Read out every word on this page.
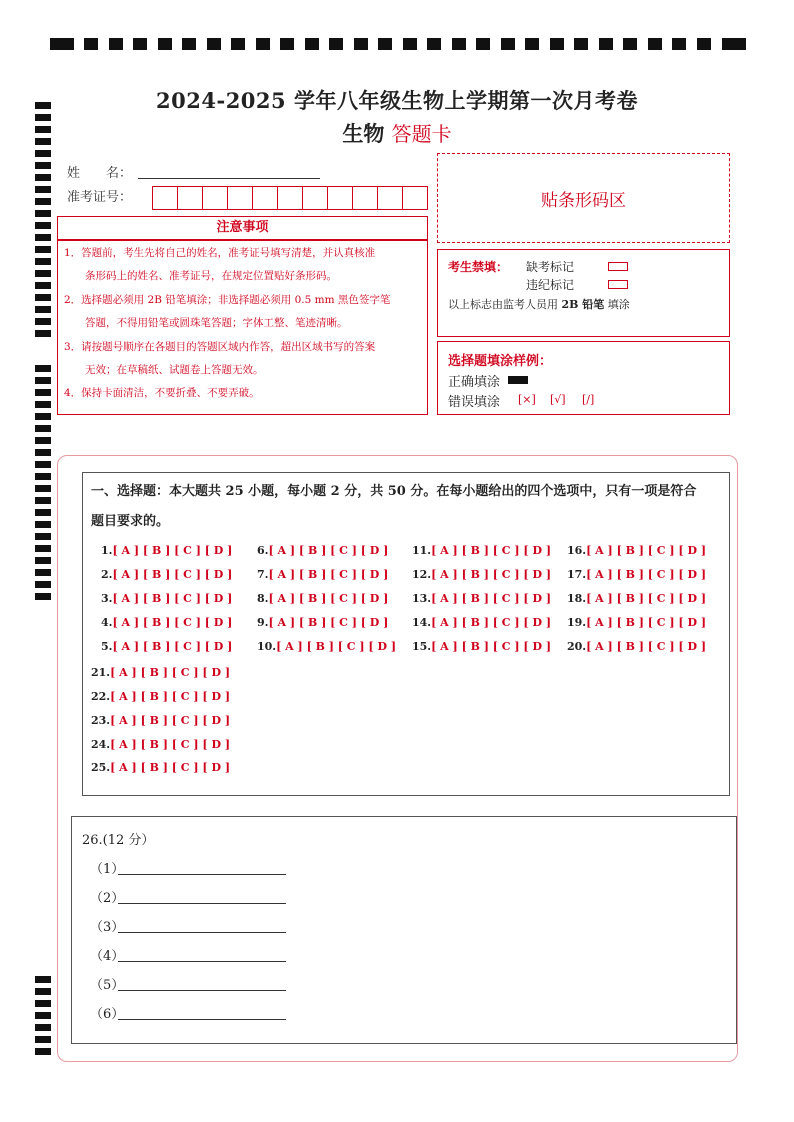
2024-2025 学年八年级生物上学期第一次月考卷
生物 答题卡
姓　　名：
准考证号：	贴条形码区
注意事项
1．答题前，考生先将自己的姓名，准考证号填写清楚，并认真核准
　　条形码上的姓名、准考证号，在规定位置贴好条形码。
2．选择题必须用 2B 铅笔填涂；非选择题必须用 0.5 mm 黑色签字笔
　　答题，不得用铅笔或圆珠笔答题；字体工整、笔迹清晰。
3．请按题号顺序在各题目的答题区域内作答，超出区域书写的答案
　　无效；在草稿纸、试题卷上答题无效。
4．保持卡面清洁，不要折叠、不要弄破。
考生禁填： 缺考标记
违纪标记
以上标志由监考人员用 2B 铅笔 填涂
选择题填涂样例：
正确填涂
错误填涂 [×] [√] [/]
一、选择题：本大题共 25 小题，每小题 2 分，共 50 分。在每小题给出的四个选项中，只有一项是符合
题目要求的。
1.[ A ] [ B ] [ C ] [ D ]
2.[ A ] [ B ] [ C ] [ D ]
3.[ A ] [ B ] [ C ] [ D ]
4.[ A ] [ B ] [ C ] [ D ]
5.[ A ] [ B ] [ C ] [ D ]
6.[ A ] [ B ] [ C ] [ D ]
7.[ A ] [ B ] [ C ] [ D ]
8.[ A ] [ B ] [ C ] [ D ]
9.[ A ] [ B ] [ C ] [ D ]
10.[ A ] [ B ] [ C ] [ D ]
11.[ A ] [ B ] [ C ] [ D ]
12.[ A ] [ B ] [ C ] [ D ]
13.[ A ] [ B ] [ C ] [ D ]
14.[ A ] [ B ] [ C ] [ D ]
15.[ A ] [ B ] [ C ] [ D ]
16.[ A ] [ B ] [ C ] [ D ]
17.[ A ] [ B ] [ C ] [ D ]
18.[ A ] [ B ] [ C ] [ D ]
19.[ A ] [ B ] [ C ] [ D ]
20.[ A ] [ B ] [ C ] [ D ]
21.[ A ] [ B ] [ C ] [ D ]
22.[ A ] [ B ] [ C ] [ D ]
23.[ A ] [ B ] [ C ] [ D ]
24.[ A ] [ B ] [ C ] [ D ]
25.[ A ] [ B ] [ C ] [ D ]
26.(12 分）
（1）
（2）
（3）
（4）
（5）
（6）
